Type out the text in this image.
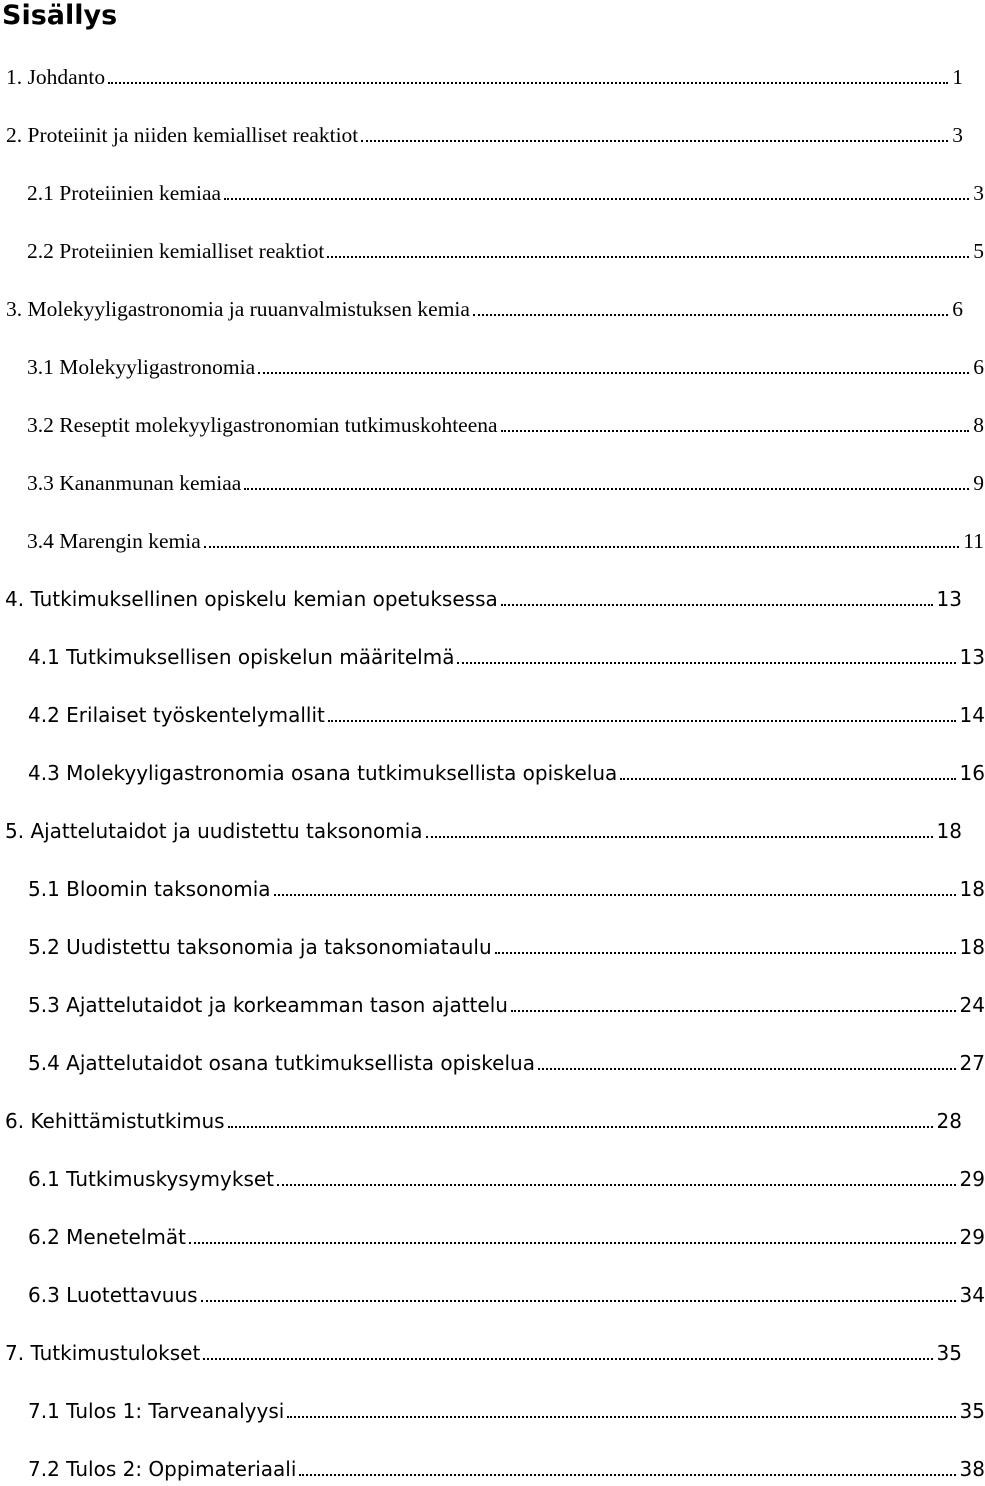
Sisällys
1. Johdanto	1
2. Proteiinit ja niiden kemialliset reaktiot	3
2.1 Proteiinien kemiaa	3
2.2 Proteiinien kemialliset reaktiot	5
3. Molekyyligastronomia ja ruuanvalmistuksen kemia	6
3.1 Molekyyligastronomia	6
3.2 Reseptit molekyyligastronomian tutkimuskohteena	8
3.3 Kananmunan kemiaa	9
3.4 Marengin kemia	11
4. Tutkimuksellinen opiskelu kemian opetuksessa	13
4.1 Tutkimuksellisen opiskelun määritelmä	13
4.2 Erilaiset työskentelymallit	14
4.3 Molekyyligastronomia osana tutkimuksellista opiskelua	16
5. Ajattelutaidot ja uudistettu taksonomia	18
5.1 Bloomin taksonomia	18
5.2 Uudistettu taksonomia ja taksonomiataulu	18
5.3 Ajattelutaidot ja korkeamman tason ajattelu	24
5.4 Ajattelutaidot osana tutkimuksellista opiskelua	27
6. Kehittämistutkimus	28
6.1 Tutkimuskysymykset	29
6.2 Menetelmät	29
6.3 Luotettavuus	34
7. Tutkimustulokset	35
7.1 Tulos 1: Tarveanalyysi	35
7.2 Tulos 2: Oppimateriaali	38
